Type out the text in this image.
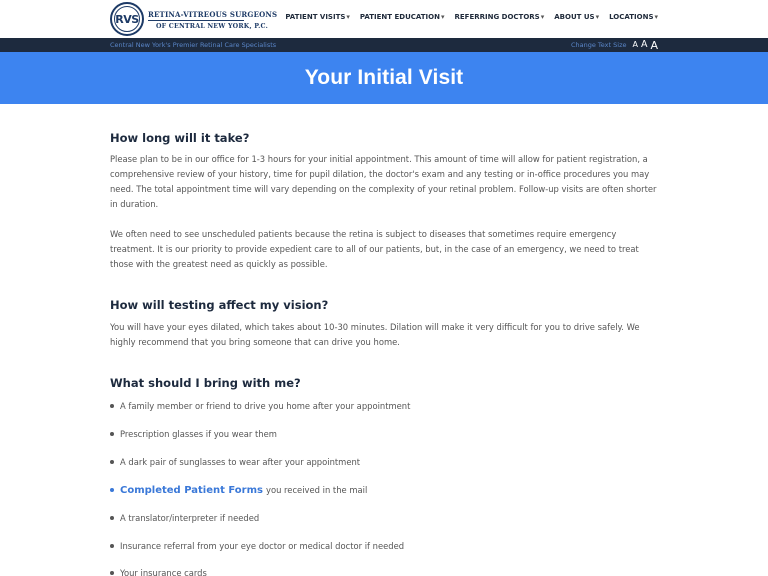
RVS RETINA-VITREOUS SURGEONS
OF CENTRAL NEW YORK, P.C.
PATIENT VISITS▾ PATIENT EDUCATION▾ REFERRING DOCTORS▾ ABOUT US▾ LOCATIONS▾
Central New York's Premier Retinal Care Specialists	Change Text Size A A A
Your Initial Visit
How long will it take?

Please plan to be in our office for 1-3 hours for your initial appointment. This amount of time will allow for patient registration, a comprehensive review of your history, time for pupil dilation, the doctor's exam and any testing or in-office procedures you may need. The total appointment time will vary depending on the complexity of your retinal problem. Follow-up visits are often shorter in duration.

We often need to see unscheduled patients because the retina is subject to diseases that sometimes require emergency treatment. It is our priority to provide expedient care to all of our patients, but, in the case of an emergency, we need to treat those with the greatest need as quickly as possible.

How will testing affect my vision?

You will have your eyes dilated, which takes about 10-30 minutes. Dilation will make it very difficult for you to drive safely. We highly recommend that you bring someone that can drive you home.

What should I bring with me?
A family member or friend to drive you home after your appointment
Prescription glasses if you wear them
A dark pair of sunglasses to wear after your appointment
Completed Patient Forms you received in the mail
A translator/interpreter if needed
Insurance referral from your eye doctor or medical doctor if needed
Your insurance cards
